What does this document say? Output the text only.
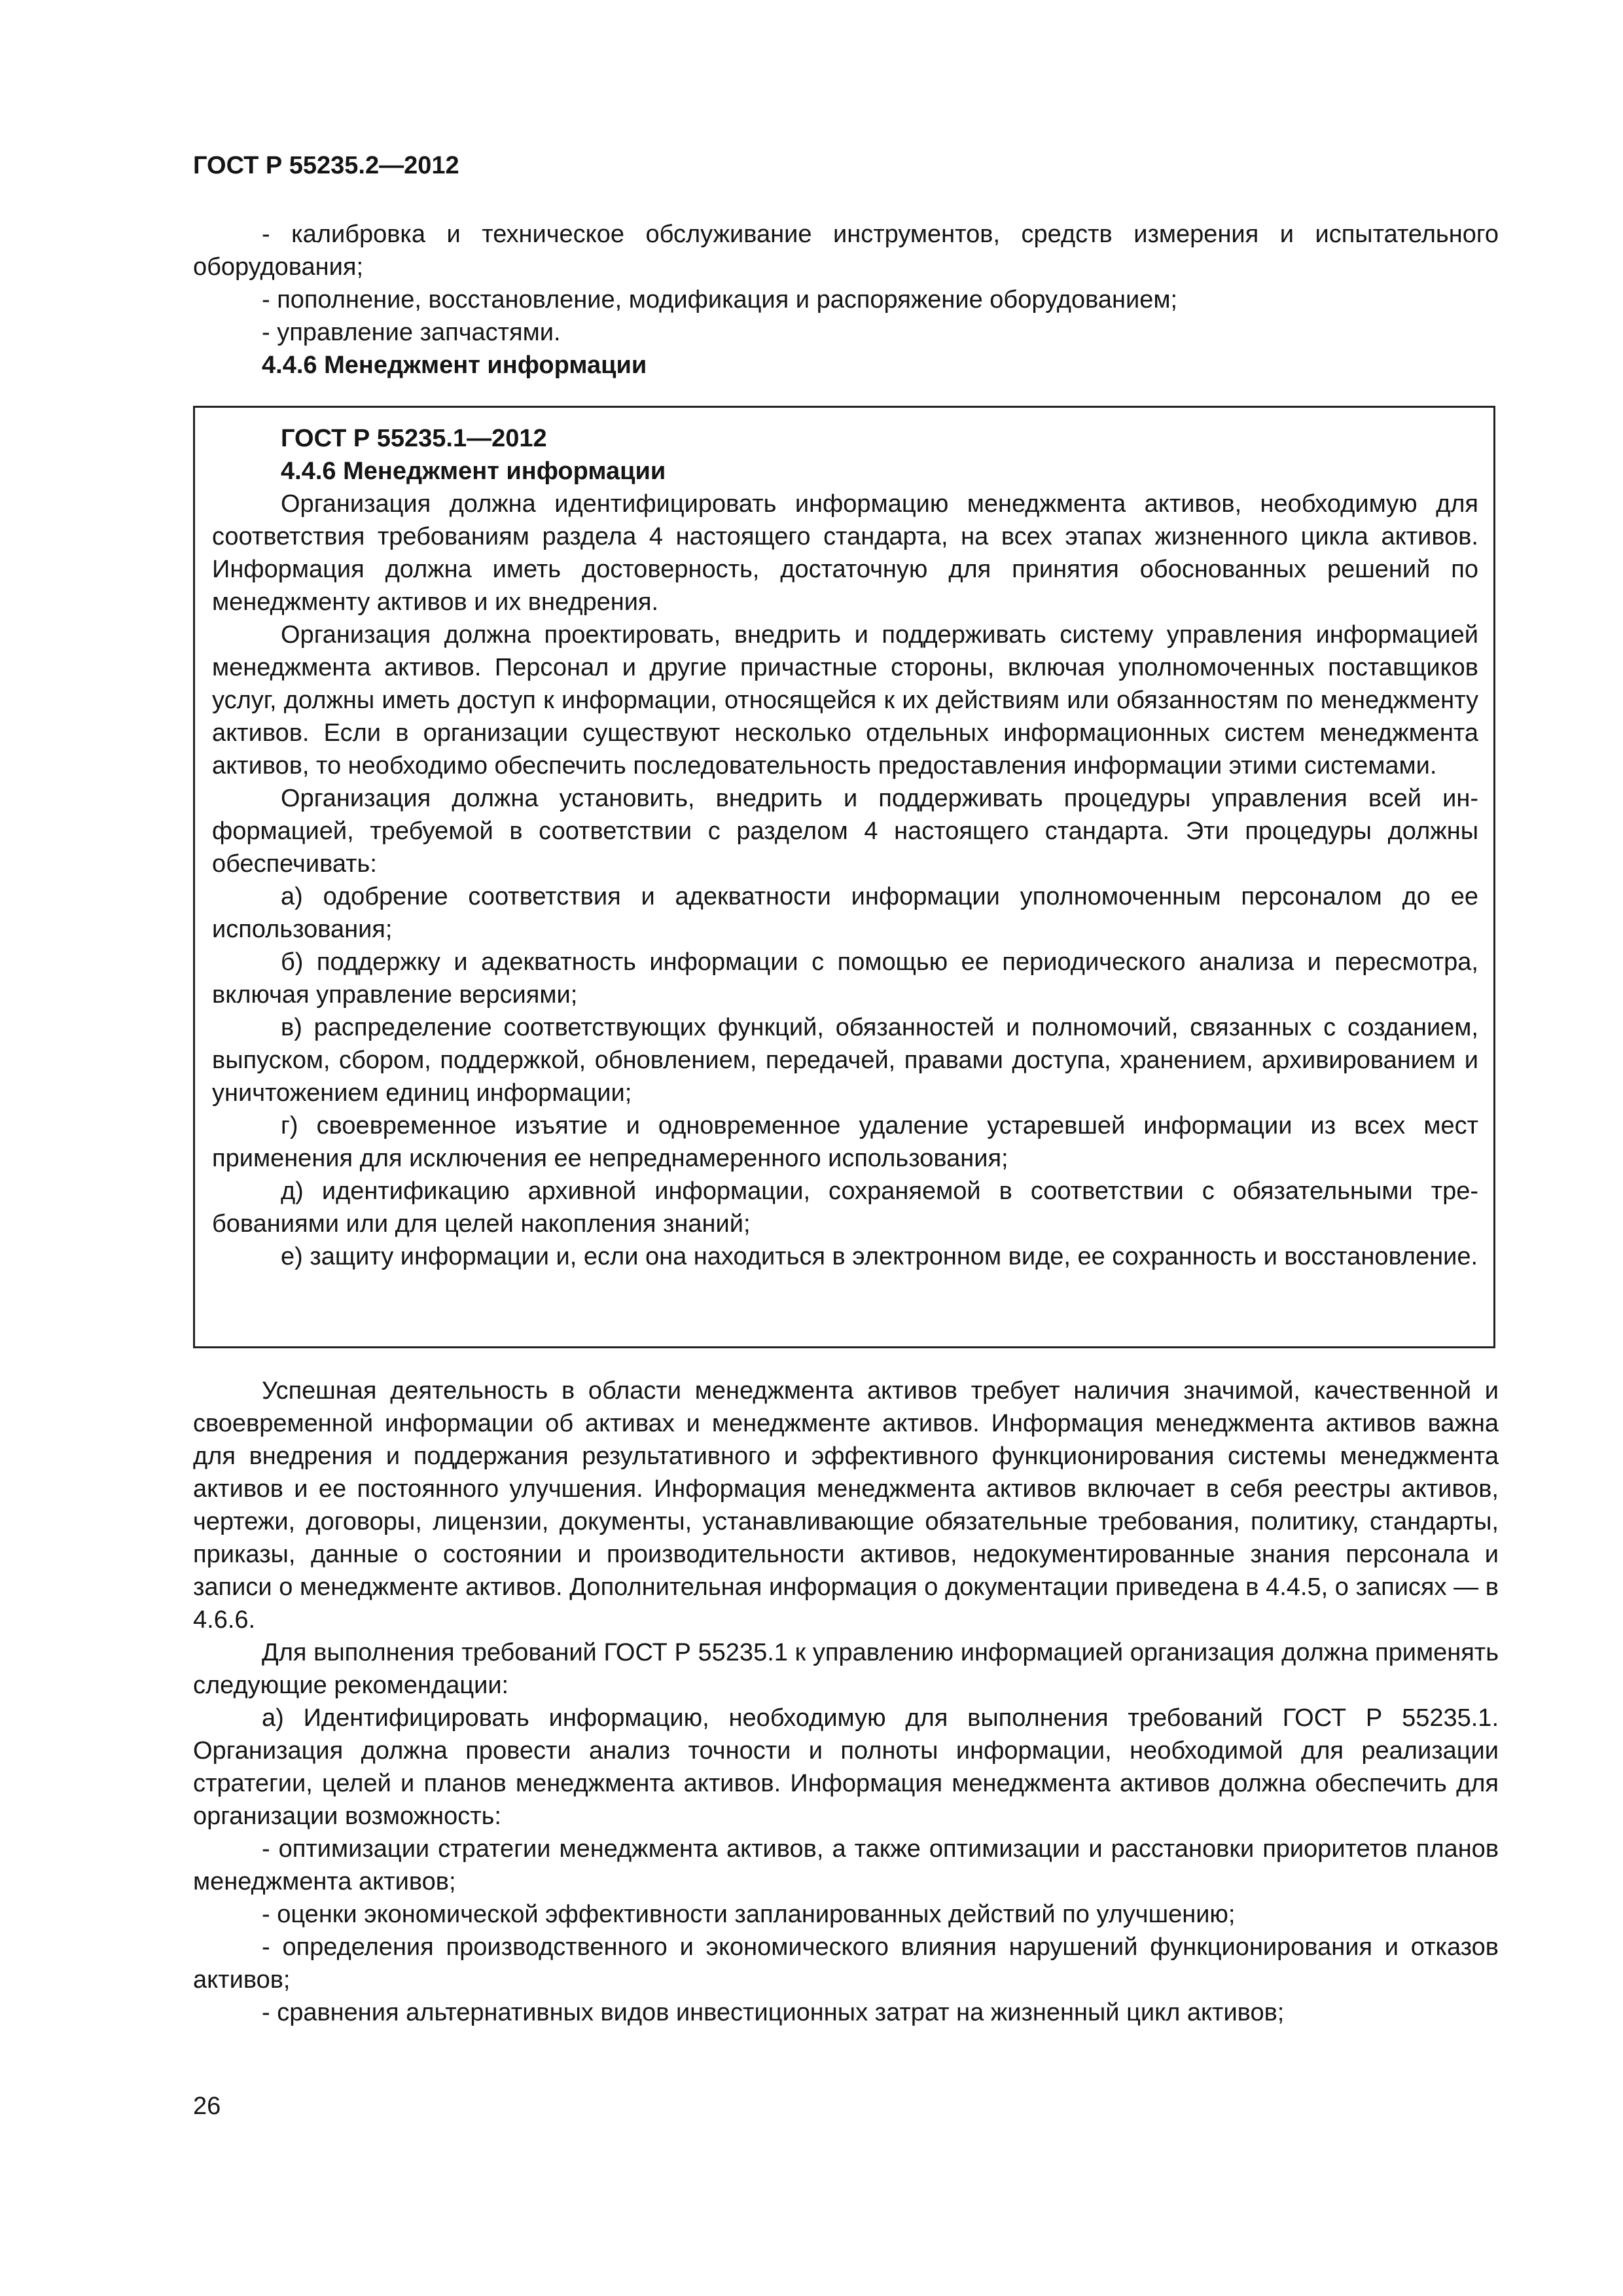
ГОСТ Р 55235.2—2012

- калибровка и техническое обслуживание инструментов, средств измерения и испытательного оборудования;

- пополнение, восстановление, модификация и распоряжение оборудованием;

- управление запчастями.

4.4.6 Менеджмент информации

ГОСТ Р 55235.1—2012

4.4.6 Менеджмент информации

Организация должна идентифицировать информацию менеджмента активов, необходимую для соответствия требованиям раздела 4 настоящего стандарта, на всех этапах жизненного цикла активов. Информация должна иметь достоверность, достаточную для принятия обоснованных решений по менеджменту активов и их внедрения.

Организация должна проектировать, внедрить и поддерживать систему управления информацией менеджмента активов. Персонал и другие причастные стороны, включая уполномоченных поставщиков услуг, должны иметь доступ к информации, относящейся к их действиям или обязанностям по менеджменту активов. Если в организации существуют несколько отдельных информационных систем менеджмента активов, то необходимо обеспечить последовательность предоставления информации этими системами.

Организация должна установить, внедрить и поддерживать процедуры управления всей информацией, требуемой в соответствии с разделом 4 настоящего стандарта. Эти процедуры должны обеспечивать:

а) одобрение соответствия и адекватности информации уполномоченным персоналом до ее использования;

б) поддержку и адекватность информации с помощью ее периодического анализа и пересмотра, включая управление версиями;

в) распределение соответствующих функций, обязанностей и полномочий, связанных с созданием, выпуском, сбором, поддержкой, обновлением, передачей, правами доступа, хранением, архивированием и уничтожением единиц информации;

г) своевременное изъятие и одновременное удаление устаревшей информации из всех мест применения для исключения ее непреднамеренного использования;

д) идентификацию архивной информации, сохраняемой в соответствии с обязательными требованиями или для целей накопления знаний;

е) защиту информации и, если она находиться в электронном виде, ее сохранность и восстановление.

Успешная деятельность в области менеджмента активов требует наличия значимой, качественной и своевременной информации об активах и менеджменте активов. Информация менеджмента активов важна для внедрения и поддержания результативного и эффективного функционирования системы менеджмента активов и ее постоянного улучшения. Информация менеджмента активов включает в себя реестры активов, чертежи, договоры, лицензии, документы, устанавливающие обязательные требования, политику, стандарты, приказы, данные о состоянии и производительности активов, недокументированные знания персонала и записи о менеджменте активов. Дополнительная информация о документации приведена в 4.4.5, о записях — в 4.6.6.

Для выполнения требований ГОСТ Р 55235.1 к управлению информацией организация должна применять следующие рекомендации:

а) Идентифицировать информацию, необходимую для выполнения требований ГОСТ Р 55235.1. Организация должна провести анализ точности и полноты информации, необходимой для реализации стратегии, целей и планов менеджмента активов. Информация менеджмента активов должна обеспечить для организации возможность:

- оптимизации стратегии менеджмента активов, а также оптимизации и расстановки приоритетов планов менеджмента активов;

- оценки экономической эффективности запланированных действий по улучшению;

- определения производственного и экономического влияния нарушений функционирования и отказов активов;

- сравнения альтернативных видов инвестиционных затрат на жизненный цикл активов;

26
